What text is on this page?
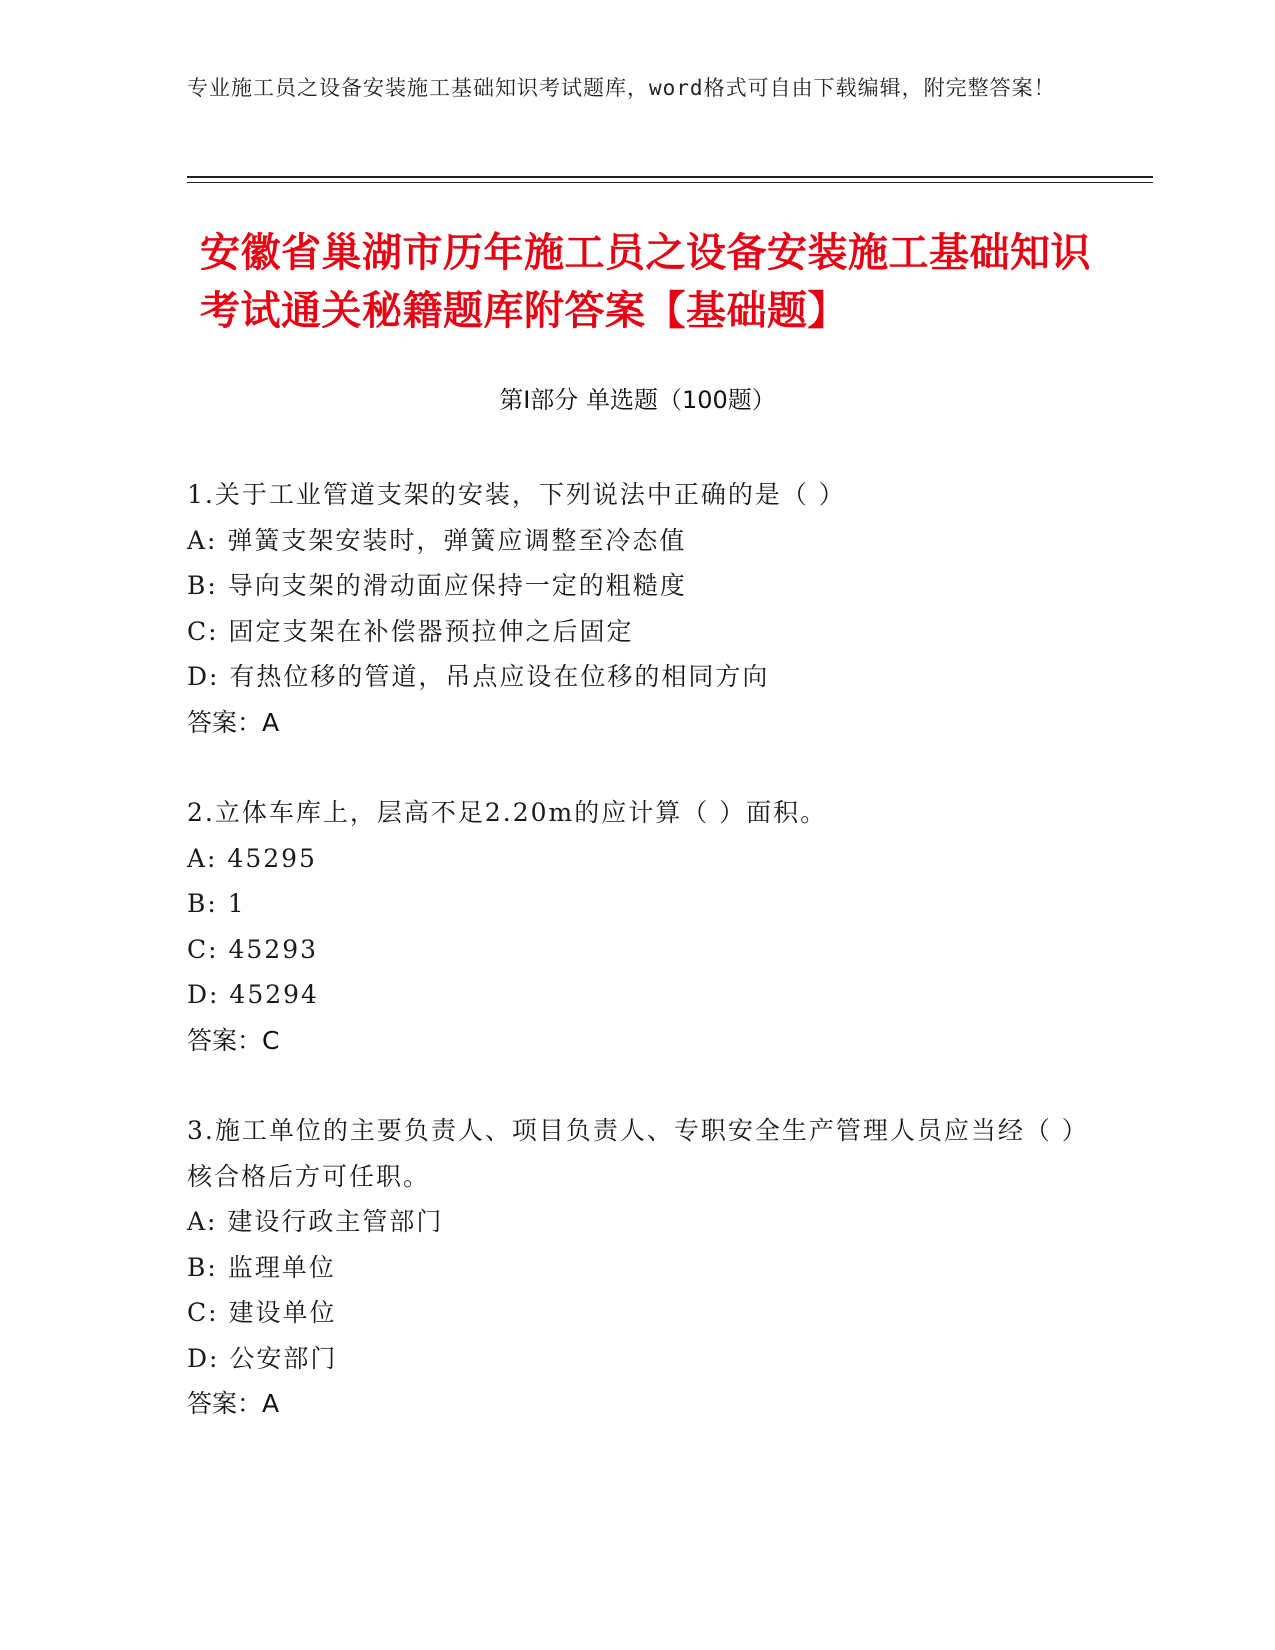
专业施工员之设备安装施工基础知识考试题库，word格式可自由下载编辑，附完整答案！
安徽省巢湖市历年施工员之设备安装施工基础知识考试通关秘籍题库附答案【基础题】
第Ⅰ部分 单选题（100题）
1.关于工业管道支架的安装，下列说法中正确的是（ ）
A: 弹簧支架安装时，弹簧应调整至冷态值
B: 导向支架的滑动面应保持一定的粗糙度
C: 固定支架在补偿器预拉伸之后固定
D: 有热位移的管道，吊点应设在位移的相同方向
答案：A
2.立体车库上，层高不足2.20m的应计算（ ）面积。
A: 45295
B: 1
C: 45293
D: 45294
答案：C
3.施工单位的主要负责人、项目负责人、专职安全生产管理人员应当经（ ）核合格后方可任职。
A: 建设行政主管部门
B: 监理单位
C: 建设单位
D: 公安部门
答案：A
